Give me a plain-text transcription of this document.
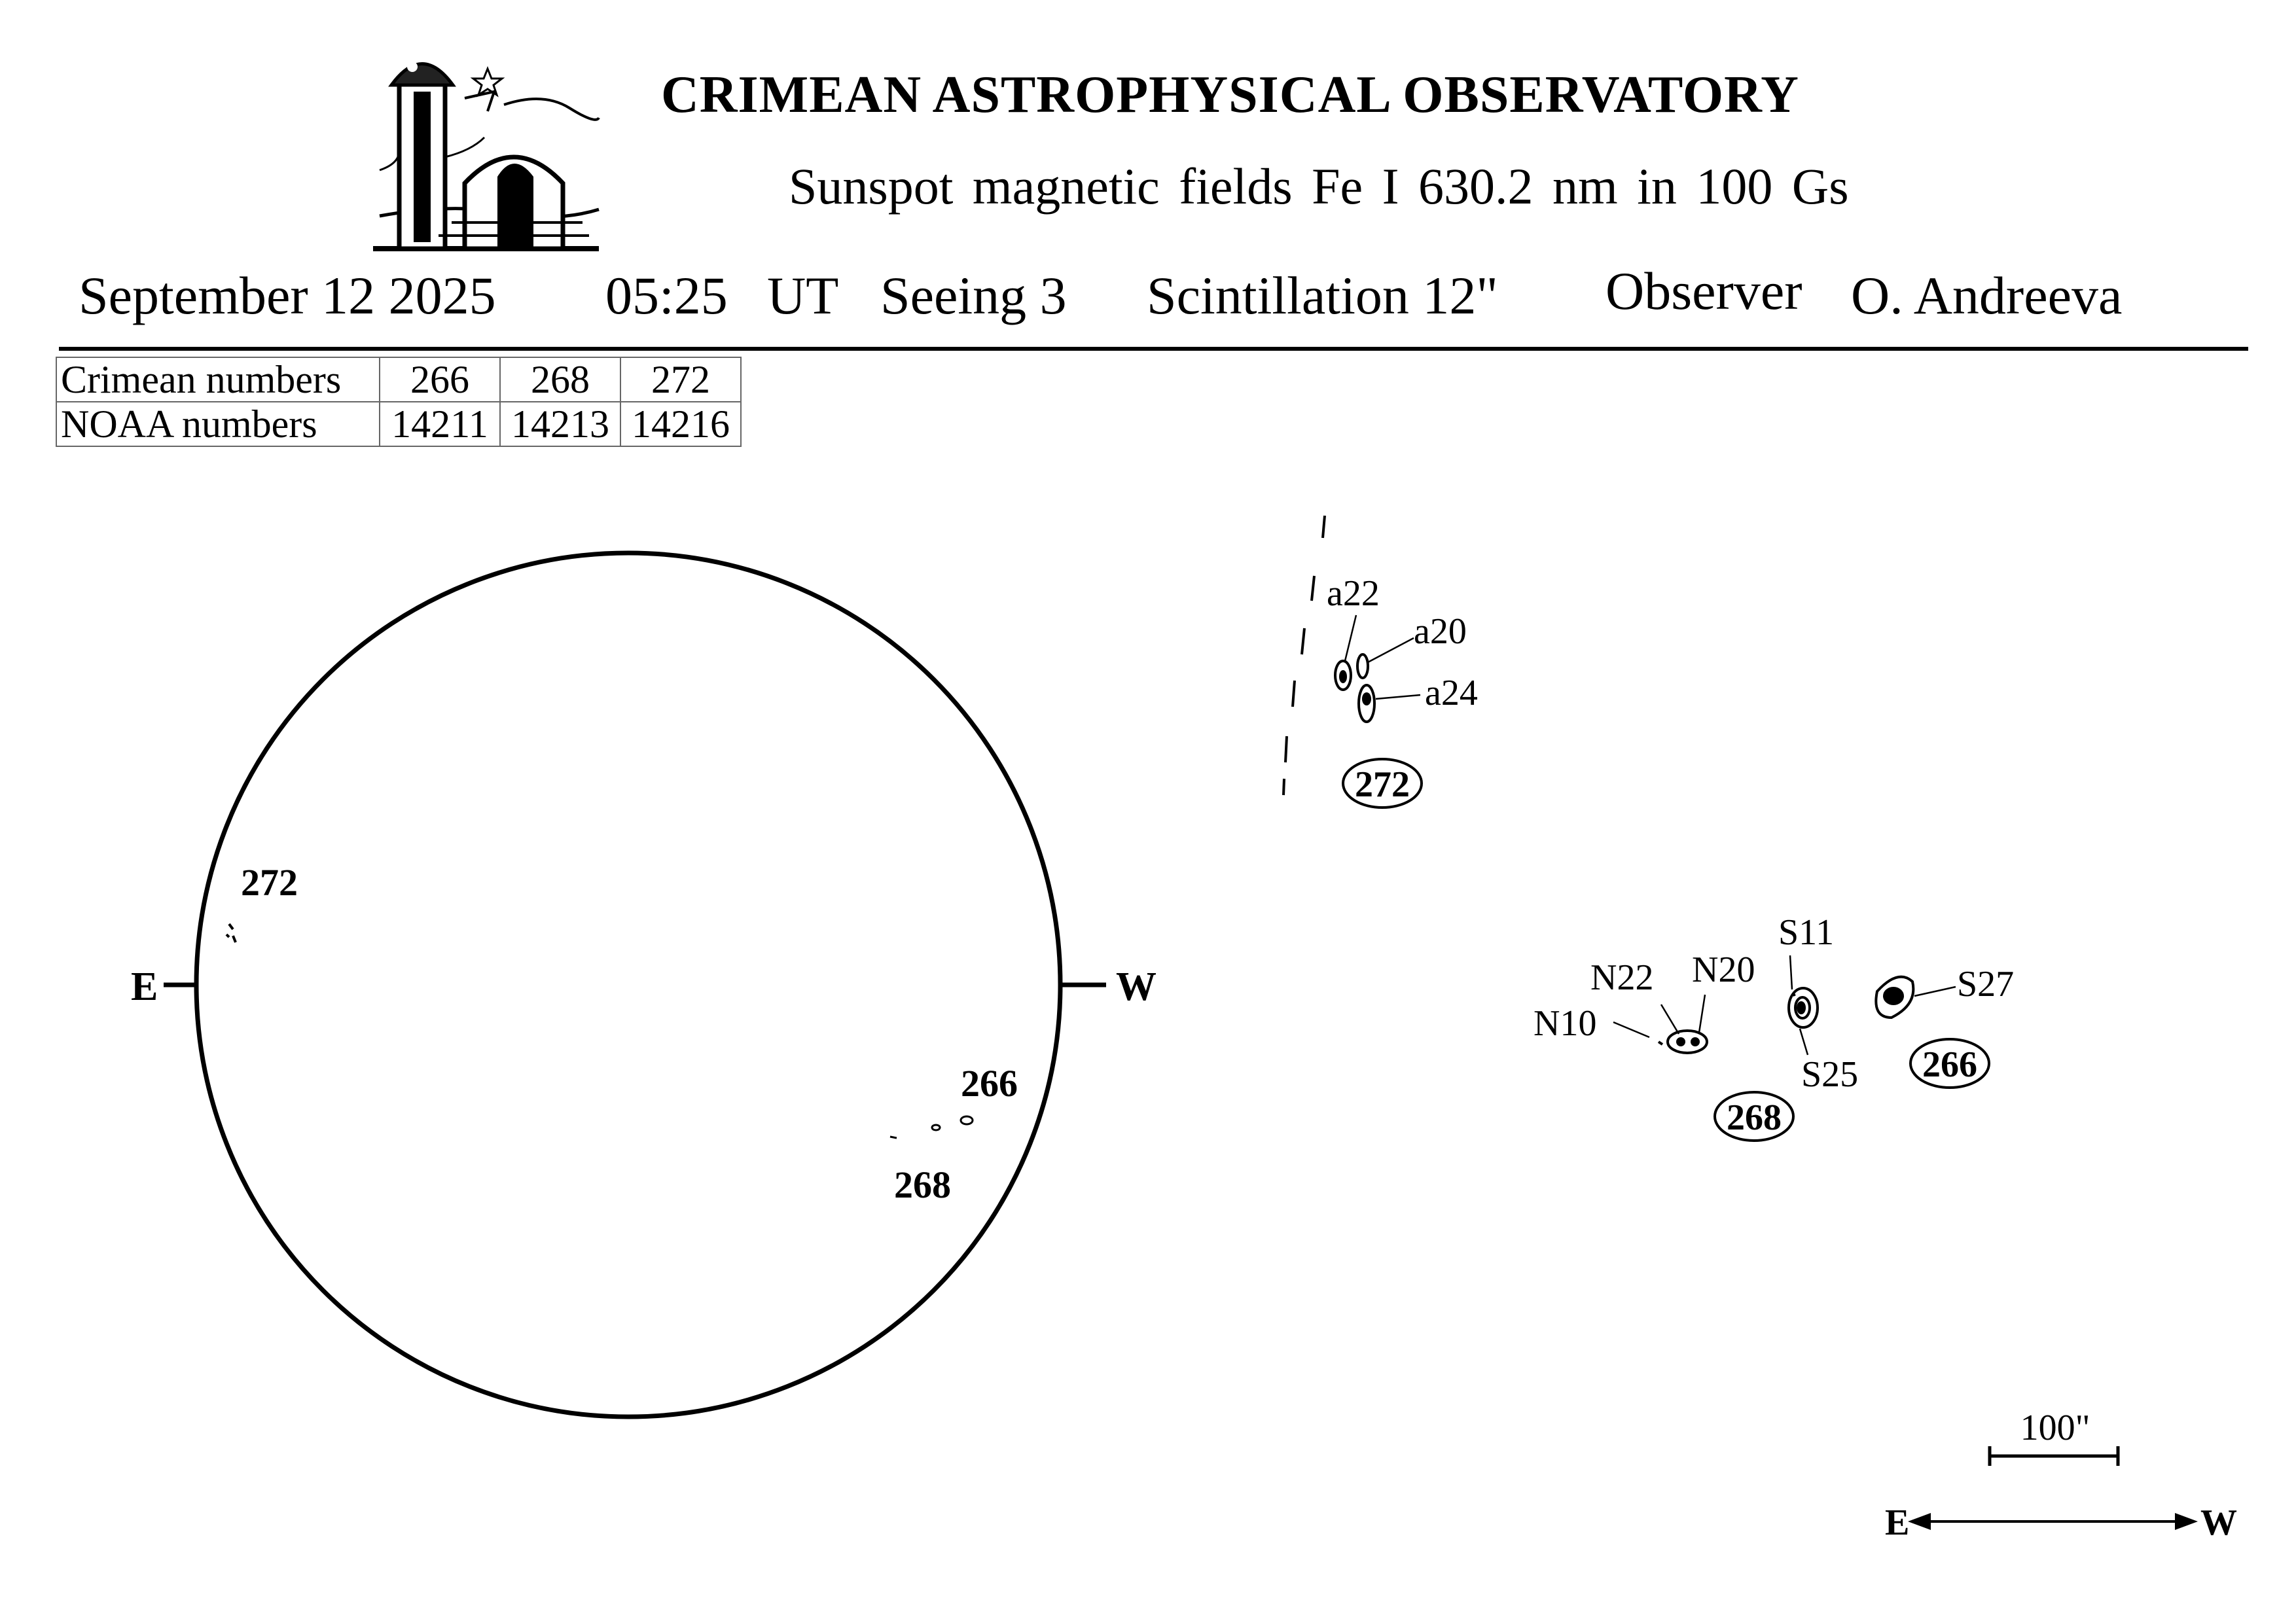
CRIMEAN ASTROPHYSICAL OBSERVATORY
Sunspot magnetic fields Fe I 630.2 nm in 100 Gs
September 12 2025 05:25 UT Seeing 3 Scintillation 12" Observer O. Andreeva
Crimean numbers	266	268	272
NOAA numbers	14211	14213	14216
E	W
272
266
268
a22
a20
a24
272
N22 N20
S11
S27
N10
S25 266
268
100"
E	W
